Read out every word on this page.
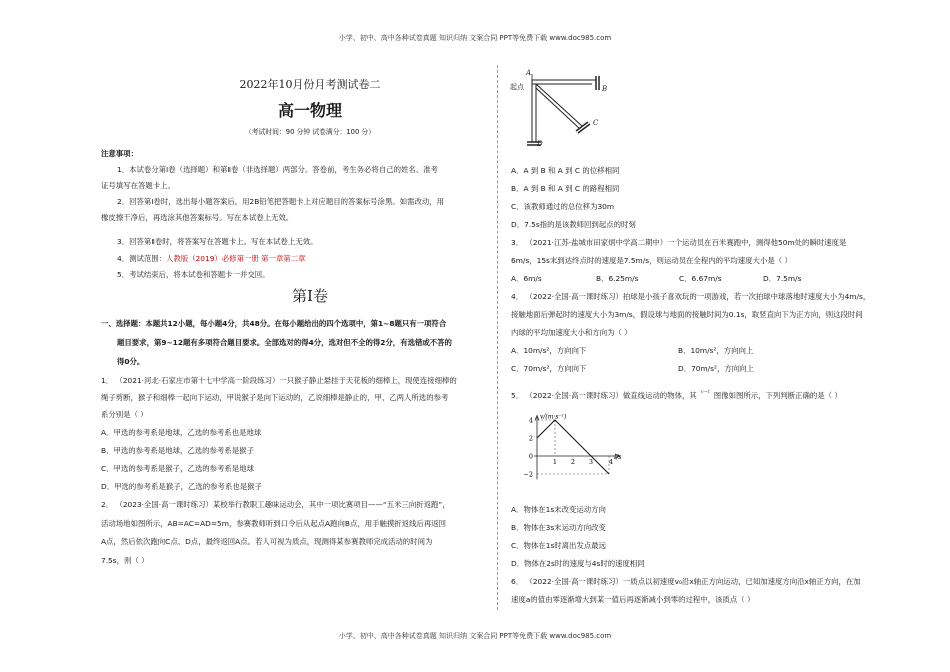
小学、初中、高中各种试卷真题 知识归纳 文案合同 PPT等免费下载 www.doc985.com
2022年10月份月考测试卷二
高一物理
（考试时间：90 分钟 试卷满分：100 分）
注意事项：
1．本试卷分第Ⅰ卷（选择题）和第Ⅱ卷（非选择题）两部分。答卷前，考生务必将自己的姓名、准考
证号填写在答题卡上。
2．回答第Ⅰ卷时，选出每小题答案后，用2B铅笔把答题卡上对应题目的答案标号涂黑。如需改动，用
橡皮擦干净后，再选涂其他答案标号。写在本试卷上无效。
3．回答第Ⅱ卷时，将答案写在答题卡上。写在本试卷上无效。
4．测试范围：人教版（2019）必修第一册 第一章第二章
5．考试结束后，将本试卷和答题卡一并交回。
第Ⅰ卷
一、选择题：本题共12小题，每小题4分，共48分。在每小题给出的四个选项中，第1~8题只有一项符合
题目要求，第9~12题有多项符合题目要求。全部选对的得4分，选对但不全的得2分，有选错或不答的
得0分。
1． （2021·河北·石家庄市第十七中学高一阶段练习）一只猴子静止悬挂于天花板的细棒上，现使连接细棒的
绳子剪断，猴子和细棒一起向下运动，甲说猴子是向下运动的，乙说细棒是静止的，甲、乙两人所选的参考
系分别是（ ）
A．甲选的参考系是地球，乙选的参考系也是地球
B．甲选的参考系是地球，乙选的参考系是猴子
C．甲选的参考系是猴子，乙选的参考系是地球
D．甲选的参考系是猴子，乙选的参考系也是猴子
2． （2023·全国·高一课时练习）某校举行教职工趣味运动会，其中一项比赛项目——“五米三向折返跑”，
活动场地如图所示，AB=AC=AD=5m，参赛教师听到口令后从起点A跑向B点，用手触摸折返线后再返回
A点，然后依次跑向C点、D点，最终返回A点。若人可视为质点，现测得某参赛教师完成活动的时间为
7.5s，则（ ）
A
起点	B
C
D
A．A 到 B 和 A 到 C 的位移相同
B．A 到 B 和 A 到 C 的路程相同
C．该教师通过的总位移为30m
D．7.5s指的是该教师回到起点的时刻
3． （2021·江苏·盐城市田家炳中学高二期中）一个运动员在百米赛跑中，测得他50m处的瞬时速度是
6m/s，15s末到达终点时的速度是7.5m/s，则运动员在全程内的平均速度大小是（ ）
A．6m/s	B．6.25m/s	C．6.67m/s	D．7.5m/s
4． （2022·全国·高一课时练习）拍球是小孩子喜欢玩的一项游戏，若一次拍球中球落地时速度大小为4m/s，
接触地面后弹起时的速度大小为3m/s，假设球与地面的接触时间为0.1s，取竖直向下为正方向，则这段时间
内球的平均加速度大小和方向为（ ）
A．10m/s²，方向向下	B．10m/s²，方向向上
C．70m/s²，方向向下	D．70m/s²，方向向上
5． （2022·全国·高一课时练习）做直线运动的物体，其 $^{v-t}$ 图像如图所示，下列判断正确的是（ ）
4
2
0
−2
1 2 3 4
v/(m·s⁻¹)
t/s
A．物体在1s末改变运动方向
B．物体在3s末运动方向改变
C．物体在1s时离出发点最远
D．物体在2s时的速度与4s时的速度相同
6． （2022·全国·高一课时练习）一质点以初速度v₀沿x轴正方向运动，已知加速度方向沿x轴正方向，在加
速度a的值由零逐渐增大到某一值后再逐渐减小到零的过程中，该质点（ ）
小学、初中、高中各种试卷真题 知识归纳 文案合同 PPT等免费下载 www.doc985.com
